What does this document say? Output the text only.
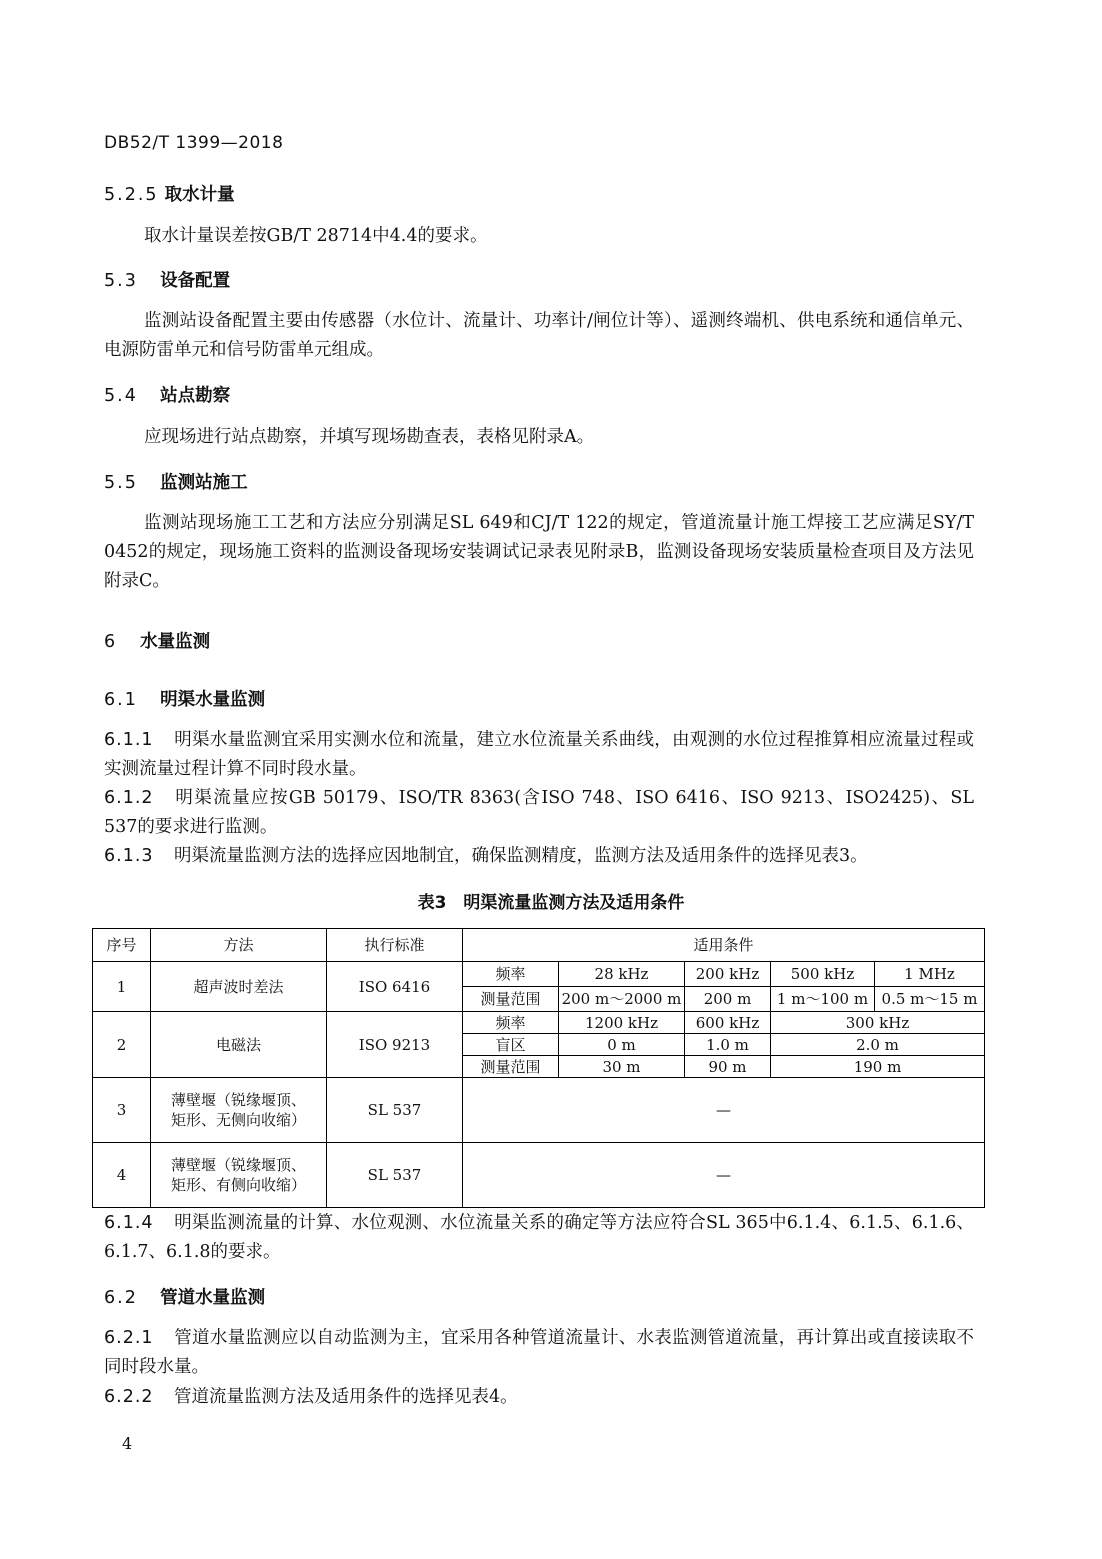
DB52/T 1399—2018
5.2.5 取水计量
取水计量误差按GB/T 28714中4.4的要求。
5.3 设备配置
监测站设备配置主要由传感器（水位计、流量计、功率计/闸位计等）、遥测终端机、供电系统和通信单元、电源防雷单元和信号防雷单元组成。
5.4 站点勘察
应现场进行站点勘察，并填写现场勘查表，表格见附录A。
5.5 监测站施工
监测站现场施工工艺和方法应分别满足SL 649和CJ/T 122的规定，管道流量计施工焊接工艺应满足SY/T 0452的规定，现场施工资料的监测设备现场安装调试记录表见附录B，监测设备现场安装质量检查项目及方法见附录C。
6 水量监测
6.1 明渠水量监测
6.1.1 明渠水量监测宜采用实测水位和流量，建立水位流量关系曲线，由观测的水位过程推算相应流量过程或实测流量过程计算不同时段水量。
6.1.2 明渠流量应按GB 50179、ISO/TR 8363(含ISO 748、ISO 6416、ISO 9213、ISO2425)、SL 537的要求进行监测。
6.1.3 明渠流量监测方法的选择应因地制宜，确保监测精度，监测方法及适用条件的选择见表3。
表3　明渠流量监测方法及适用条件
序号	方法	执行标准	适用条件				
1	超声波时差法	ISO 6416	频率	28 kHz	200 kHz	500 kHz	1 MHz
			测量范围	200 m～2000 m	200 m	1 m～100 m	0.5 m～15 m
2	电磁法	ISO 9213	频率	1200 kHz	600 kHz	300 kHz	
			盲区	0 m	1.0 m	2.0 m	
			测量范围	30 m	90 m	190 m	
3	薄壁堰（锐缘堰顶、
矩形、无侧向收缩）	SL 537	—				
4	薄壁堰（锐缘堰顶、
矩形、有侧向收缩）	SL 537	—				
6.1.4 明渠监测流量的计算、水位观测、水位流量关系的确定等方法应符合SL 365中6.1.4、6.1.5、6.1.6、6.1.7、6.1.8的要求。
6.2 管道水量监测
6.2.1 管道水量监测应以自动监测为主，宜采用各种管道流量计、水表监测管道流量，再计算出或直接读取不同时段水量。
6.2.2 管道流量监测方法及适用条件的选择见表4。
4
